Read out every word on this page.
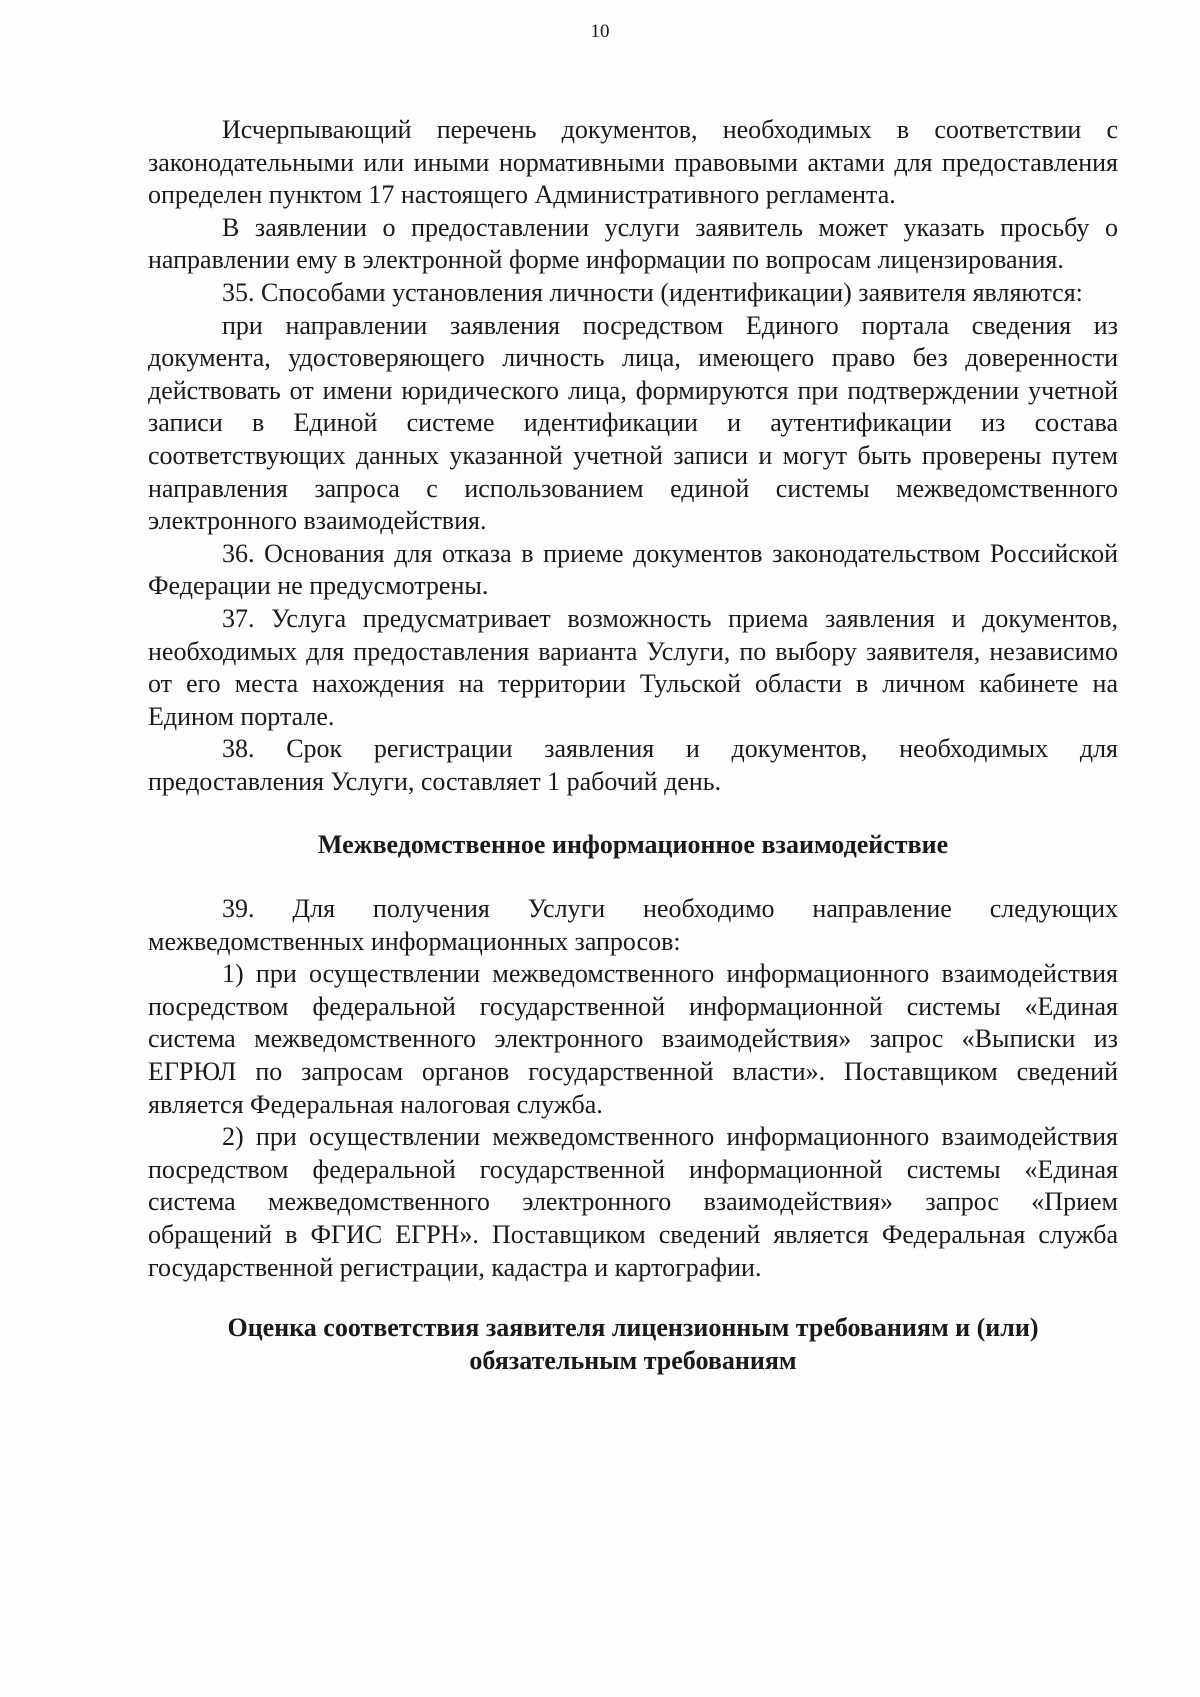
10

Исчерпывающий перечень документов, необходимых в соответствии с законодательными или иными нормативными правовыми актами для предоставления определен пунктом 17 настоящего Административного регламента.

В заявлении о предоставлении услуги заявитель может указать просьбу о направлении ему в электронной форме информации по вопросам лицензирования.

35. Способами установления личности (идентификации) заявителя являются:

при направлении заявления посредством Единого портала сведения из документа, удостоверяющего личность лица, имеющего право без доверенности действовать от имени юридического лица, формируются при подтверждении учетной записи в Единой системе идентификации и аутентификации из состава соответствующих данных указанной учетной записи и могут быть проверены путем направления запроса с использованием единой системы межведомственного электронного взаимодействия.

36. Основания для отказа в приеме документов законодательством Российской Федерации не предусмотрены.

37. Услуга предусматривает возможность приема заявления и документов, необходимых для предоставления варианта Услуги, по выбору заявителя, независимо от его места нахождения на территории Тульской области в личном кабинете на Едином портале.

38. Срок регистрации заявления и документов, необходимых для предоставления Услуги, составляет 1 рабочий день.

Межведомственное информационное взаимодействие

39. Для получения Услуги необходимо направление следующих межведомственных информационных запросов:

1) при осуществлении межведомственного информационного взаимодействия посредством федеральной государственной информационной системы «Единая система межведомственного электронного взаимодействия» запрос «Выписки из ЕГРЮЛ по запросам органов государственной власти». Поставщиком сведений является Федеральная налоговая служба.

2) при осуществлении межведомственного информационного взаимодействия посредством федеральной государственной информационной системы «Единая система межведомственного электронного взаимодействия» запрос «Прием обращений в ФГИС ЕГРН». Поставщиком сведений является Федеральная служба государственной регистрации, кадастра и картографии.

Оценка соответствия заявителя лицензионным требованиям и (или)
обязательным требованиям
